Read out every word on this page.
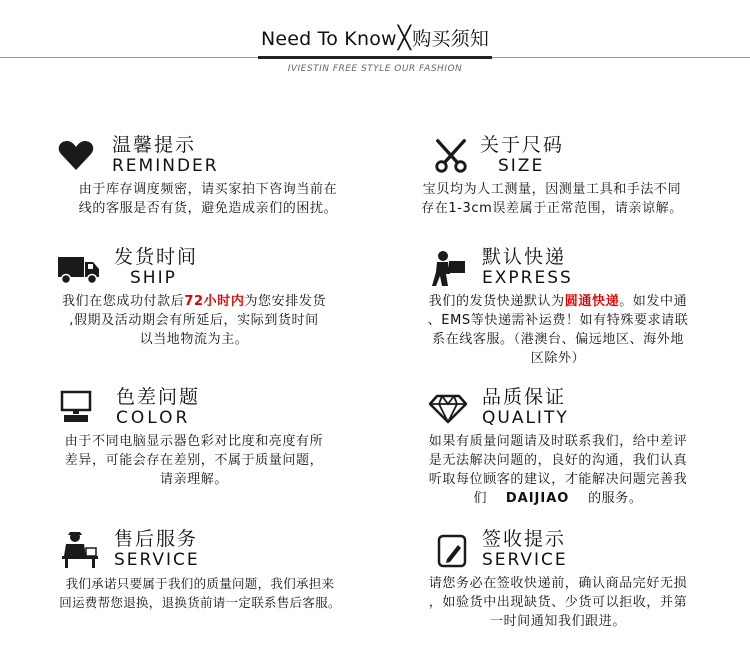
Need To Know╳购买须知
IVIESTIN FREE STYLE OUR FASHION
温馨提示
REMINDER
由于库存调度频密，请买家拍下咨询当前在
线的客服是否有货，避免造成亲们的困扰。
关于尺码
SIZE
宝贝均为人工测量，因测量工具和手法不同
存在1-3cm误差属于正常范围，请亲谅解。
发货时间
SHIP
我们在您成功付款后72小时内为您安排发货
,假期及活动期会有所延后，实际到货时间
以当地物流为主。
默认快递
EXPRESS
我们的发货快递默认为圆通快递。如发中通
、EMS等快递需补运费！如有特殊要求请联
系在线客服。（港澳台、偏远地区、海外地
区除外）
色差问题
COLOR
由于不同电脑显示器色彩对比度和亮度有所
差异，可能会存在差别，不属于质量问题，
请亲理解。
品质保证
QUALITY
如果有质量问题请及时联系我们，给中差评
是无法解决问题的，良好的沟通，我们认真
听取每位顾客的建议，才能解决问题完善我
们 DAIJIAO 的服务。
售后服务
SERVICE
我们承诺只要属于我们的质量问题，我们承担来
回运费帮您退换，退换货前请一定联系售后客服。
签收提示
SERVICE
请您务必在签收快递前，确认商品完好无损
，如验货中出现缺货、少货可以拒收，并第
一时间通知我们跟进。
